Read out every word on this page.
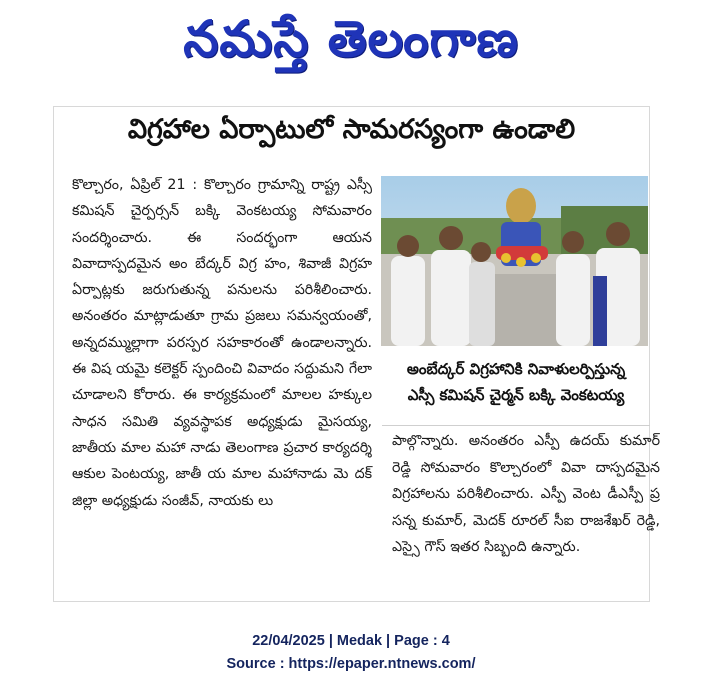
నమస్తే తెలంగాణ
విగ్రహాల ఏర్పాటులో సామరస్యంగా ఉండాలి
కొల్చారం, ఏప్రిల్ 21 : కొల్చారం గ్రామాన్ని రాష్ట్ర ఎస్సీ కమిషన్ చైర్పర్సన్ బక్కి వెంకటయ్య సోమవారం సందర్శించారు. ఈ సందర్భంగా ఆయన వివాదాస్పదమైన అం బేద్కర్ విగ్ర హం, శివాజీ విగ్రహ ఏర్పాట్లకు జరుగుతున్న పనులను పరిశీలించారు. అనంతరం మాట్లాడుతూ గ్రామ ప్రజలు సమన్వయంతో, అన్నదమ్ముల్లాగా పరస్పర సహకారంతో ఉండాలన్నారు. ఈ విష యమై కలెక్టర్ స్పందించి వివాదం సద్దుమని గేలా చూడాలని కోరారు. ఈ కార్యక్రమంలో మాలల హక్కుల సాధన సమితి వ్యవస్థాపక అధ్యక్షుడు మైసయ్య, జాతీయ మాల మహా నాడు తెలంగాణ ప్రచార కార్యదర్శి ఆకుల పెంటయ్య, జాతీ య మాల మహానాడు మె దక్ జిల్లా అధ్యక్షుడు సంజీవ్, నాయకు లు
అంబేద్కర్ విగ్రహానికి నివాళులర్పిస్తున్న
ఎస్సీ కమిషన్ చైర్మన్ బక్కి వెంకటయ్య
పాల్గొన్నారు. అనంతరం ఎస్పీ ఉదయ్ కుమార్ రెడ్డి సోమవారం కొల్చారంలో వివా దాస్పదమైన విగ్రహాలను పరిశీలించారు. ఎస్పీ వెంట డీఎస్పీ ప్ర సన్న కుమార్, మెదక్ రూరల్ సీఐ రాజశేఖర్ రెడ్డి, ఎస్సై గౌస్ ఇతర సిబ్బంది ఉన్నారు.
22/04/2025 | Medak | Page : 4
Source : https://epaper.ntnews.com/
